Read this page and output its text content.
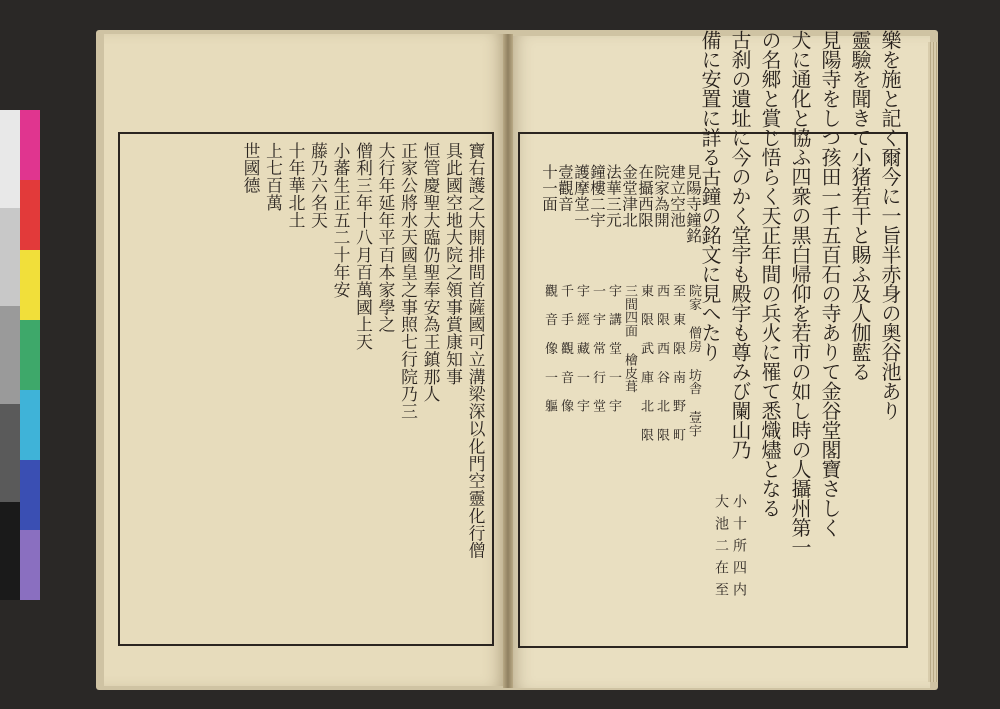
寶右護之大開排間首薩國可立溝梁深以化門空靈化行僧
具此國空地大院之領事賞康知事
恒管慶聖大臨仍聖奉安為王鎮那人
正家公將水天國皇之事照七行院乃三
大行年延年平百本家學之
僧利三年十八月百萬國上天
小蕃生正五二十年安
藤乃六名天
十年華北土
上七百萬
世國德	樂を施と記く爾今に一旨半赤身の奥谷池あり
靈驗を聞きて小猪若干と賜ふ及人伽藍る
見陽寺をしつ孩田一千五百石の寺ありて金谷堂閣寶さしく
犬に通化と協ふ四衆の黒白帰仰を若市の如し時の人攝州第一
の名郷と賞じ悟らく天正年間の兵火に罹て悉熾燼となる
古刹の遺址に今のかく堂宇も殿宇も尊みび闌山乃
備に安置に詳る古鐘の銘文に見へたり
見陽寺鐘銘
建立空池
院家為開
在攝西限
金堂津北
法華三元
鐘樓二宇
護摩堂一
壹觀音
十一面
院家 僧房 坊舎 壹宇
至 東 限 南 野 町
西 限 西 谷 北 限
東 限 武 庫 北 限
三間四面 檜皮葺
宇 講 堂 一 宇
一 宇 常 行 堂
宇 經 藏 一 宇
千 手 觀 音 像
觀 音 像 一 軀
大 小
池 十
二 所
在 四
至 内
